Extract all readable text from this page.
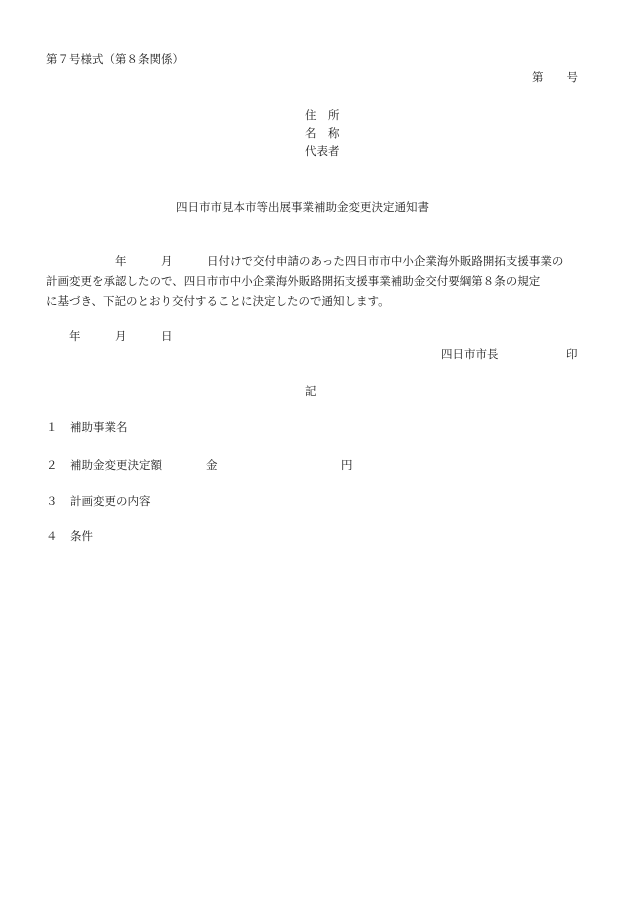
第７号様式（第８条関係）
第　　号
住　所
名　称
代表者
四日市市見本市等出展事業補助金変更決定通知書
　　　　　　年　　　月　　　日付けで交付申請のあった四日市市中小企業海外販路開拓支援事業の
計画変更を承認したので、四日市市中小企業海外販路開拓支援事業補助金交付要綱第８条の規定
に基づき、下記のとおり交付することに決定したので通知します。
　　年　　　月　　　日
四日市市長	印
記
１ 補助事業名
２ 補助金変更決定額	金	円
３ 計画変更の内容
４ 条件
